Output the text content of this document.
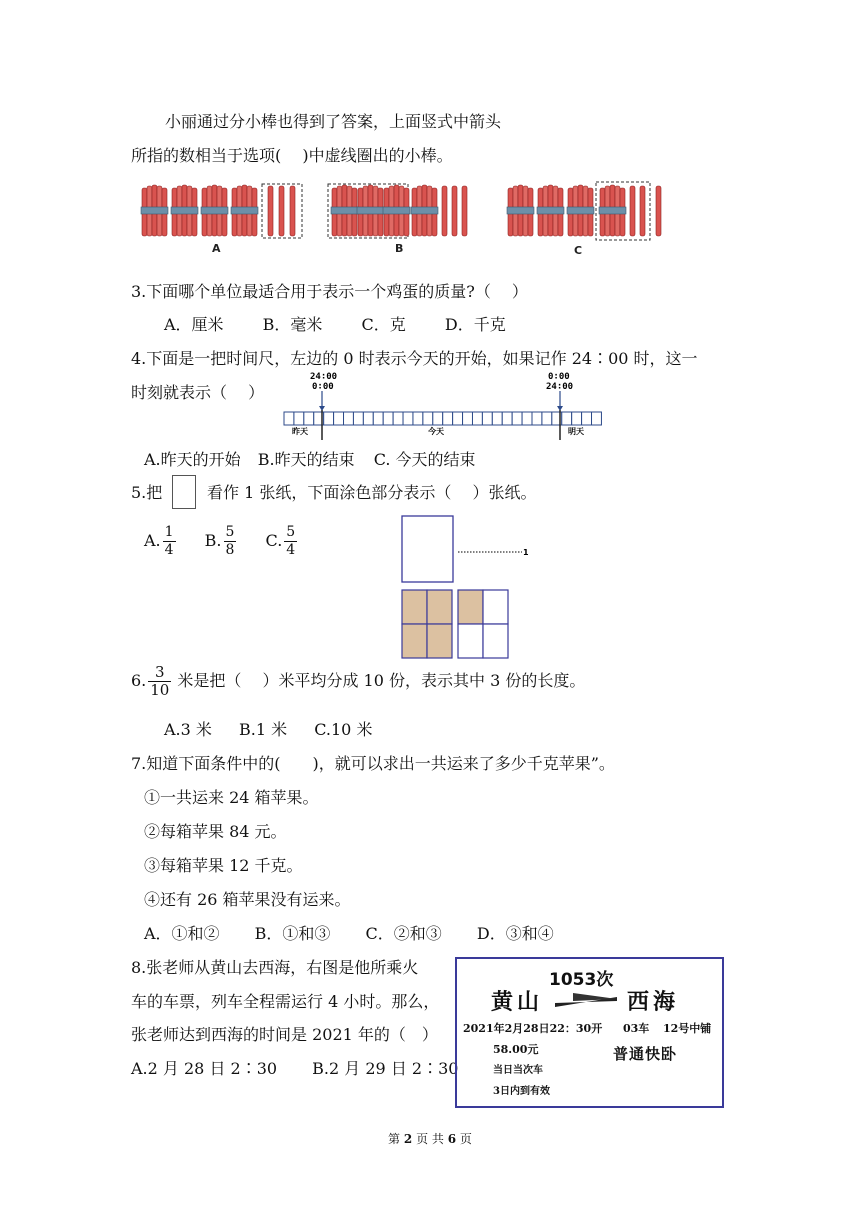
小丽通过分小棒也得到了答案，上面竖式中箭头
所指的数相当于选项(　 )中虚线圈出的小棒。
A	B	C
3.下面哪个单位最适合用于表示一个鸡蛋的质量?（　 ）
A．厘米 B．毫米 C．克 D．千克
4.下面是一把时间尺，左边的 0 时表示今天的开始，如果记作 24∶00 时，这一
时刻就表示（　 ）
24∶00
0∶00
0∶00
24∶00
昨天	今天	明天
A.昨天的开始 B.昨天的结束 C. 今天的结束
5.把	看作 1 张纸，下面涂色部分表示（　 ）张纸。
A. $\frac{1}{4} B$. $\frac{5}{8} C$. $\frac{5}{4}$	1
6. $\frac{3}{10}$ 米是把（　 ）米平均分成 10 份，表示其中 3 份的长度。
A.3 米 B.1 米 C.10 米
7.知道下面条件中的(　　)，就可以求出一共运来了多少千克苹果”。
①一共运来 24 箱苹果。
②每箱苹果 84 元。
③每箱苹果 12 千克。
④还有 26 箱苹果没有运来。
A．①和② B．①和③ C．②和③ D．③和④
8.张老师从黄山去西海，右图是他所乘火
车的车票，列车全程需运行 4 小时。那么，
张老师达到西海的时间是 2021 年的（　）
A.2 月 28 日 2∶30 B.2 月 29 日 2∶30
1053次
黄山	西海
2021年2月28日22：30开 03车 12号中铺
58.00元	普通快卧
当日当次车
3日内到有效
第 2 页 共 6 页
